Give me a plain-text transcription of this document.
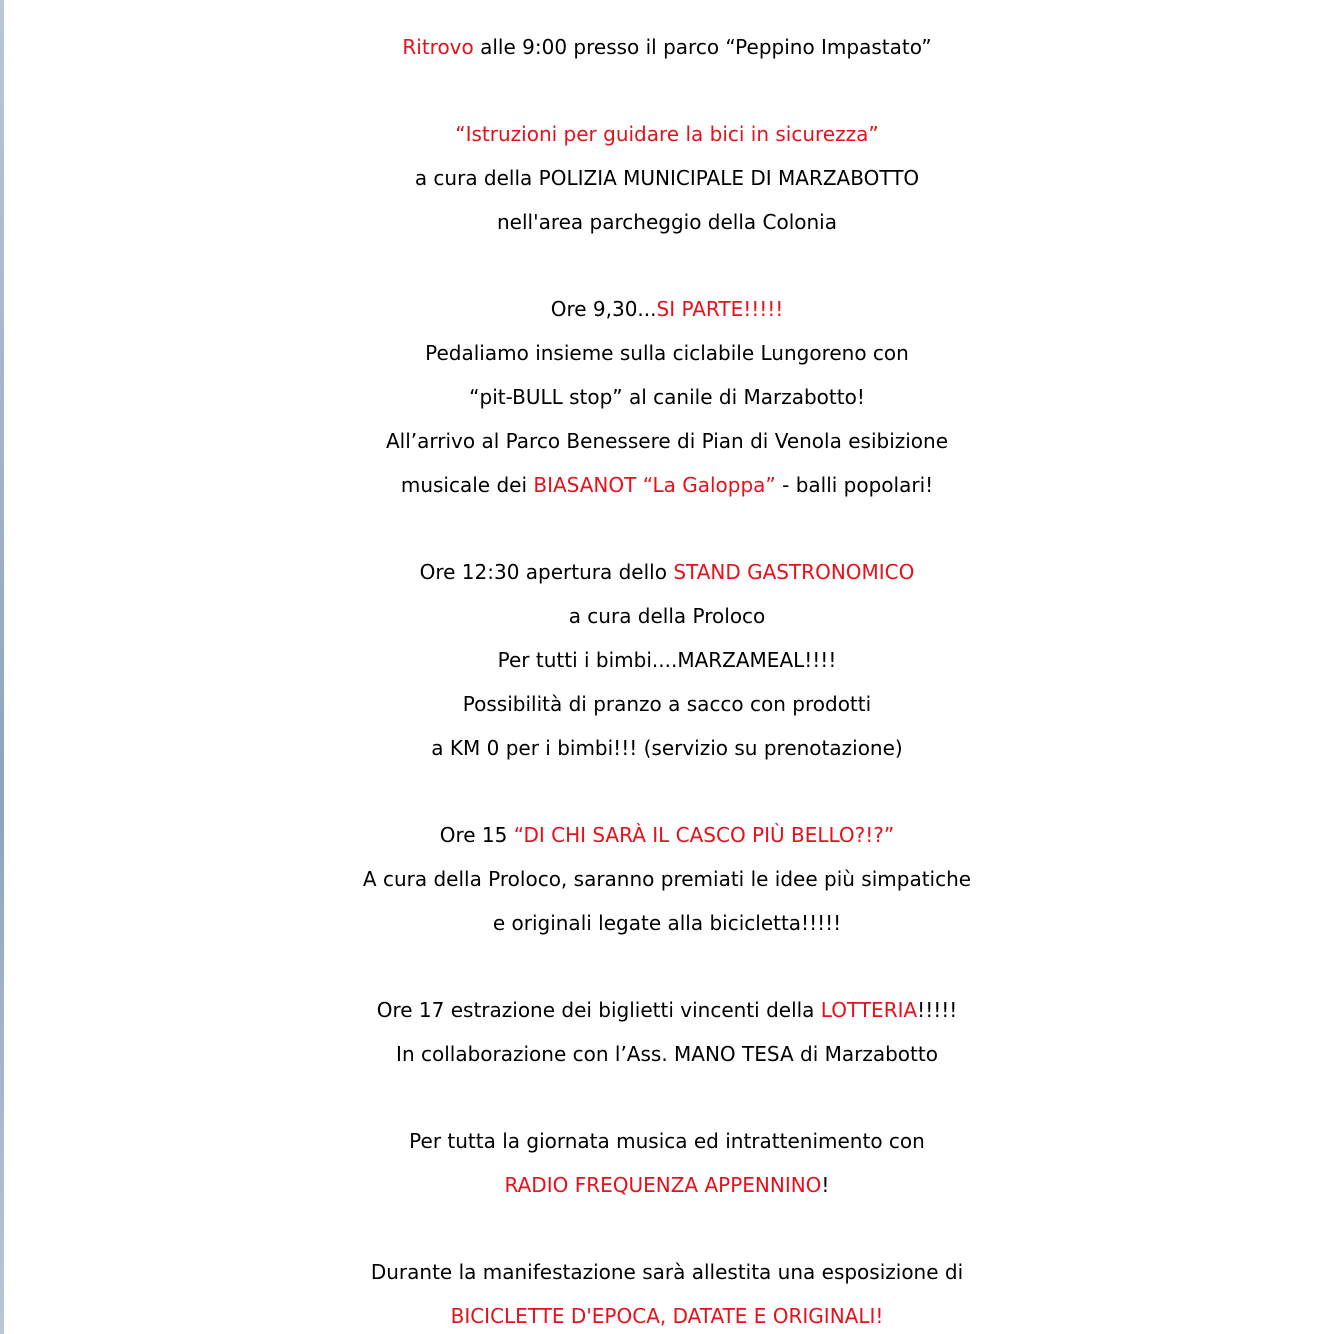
Ritrovo alle 9:00 presso il parco “Peppino Impastato”
“Istruzioni per guidare la bici in sicurezza”
a cura della POLIZIA MUNICIPALE DI MARZABOTTO
nell'area parcheggio della Colonia
Ore 9,30...SI PARTE!!!!!
Pedaliamo insieme sulla ciclabile Lungoreno con
“pit-BULL stop” al canile di Marzabotto!
All’arrivo al Parco Benessere di Pian di Venola esibizione
musicale dei BIASANOT “La Galoppa” - balli popolari!
Ore 12:30 apertura dello STAND GASTRONOMICO
a cura della Proloco
Per tutti i bimbi....MARZAMEAL!!!!
Possibilità di pranzo a sacco con prodotti
a KM 0 per i bimbi!!! (servizio su prenotazione)
Ore 15 “DI CHI SARÀ IL CASCO PIÙ BELLO?!?”
A cura della Proloco, saranno premiati le idee più simpatiche
e originali legate alla bicicletta!!!!!
Ore 17 estrazione dei biglietti vincenti della LOTTERIA!!!!!
In collaborazione con l’Ass. MANO TESA di Marzabotto
Per tutta la giornata musica ed intrattenimento con
RADIO FREQUENZA APPENNINO!
Durante la manifestazione sarà allestita una esposizione di
BICICLETTE D'EPOCA, DATATE E ORIGINALI!
